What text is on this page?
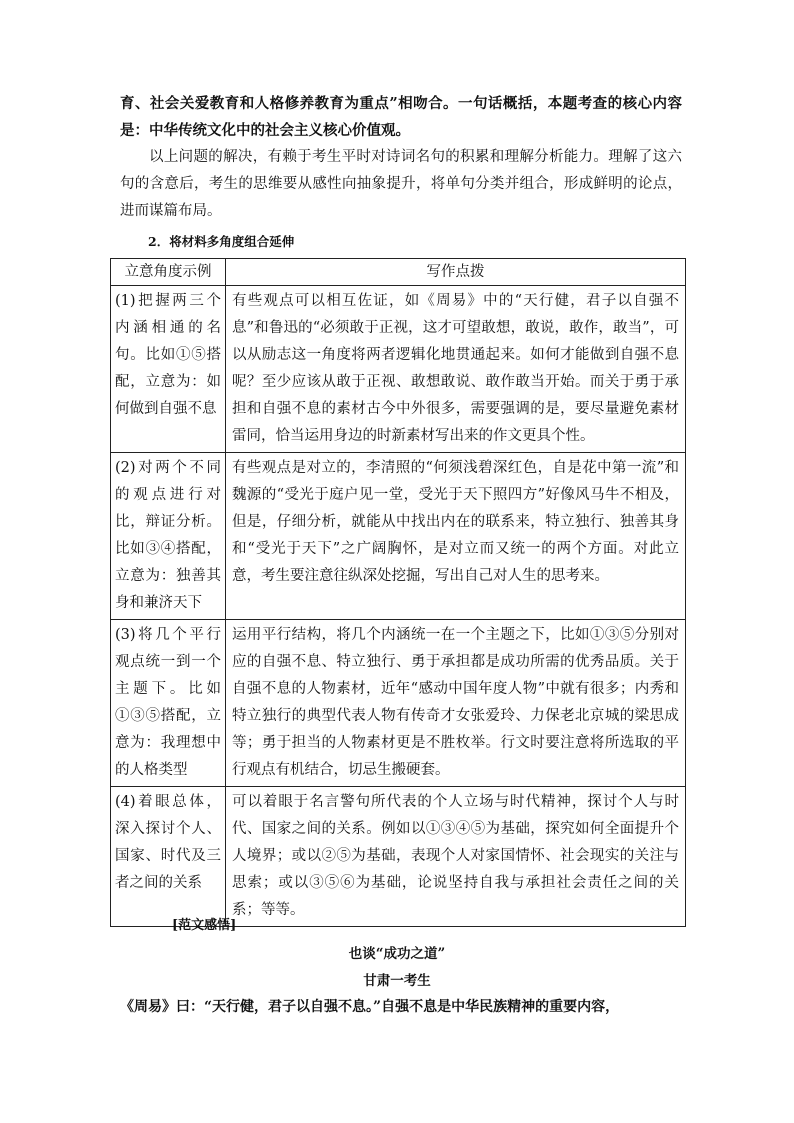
育、社会关爱教育和人格修养教育为重点”相吻合。一句话概括，本题考查的核心内容是：中华传统文化中的社会主义核心价值观。

以上问题的解决，有赖于考生平时对诗词名句的积累和理解分析能力。理解了这六句的含意后，考生的思维要从感性向抽象提升，将单句分类并组合，形成鲜明的论点，进而谋篇布局。

2．将材料多角度组合延伸

立意角度示例	写作点拨
(1)把握两三个内涵相通的名句。比如①⑤搭配，立意为：如何做到自强不息	有些观点可以相互佐证，如《周易》中的“天行健，君子以自强不息”和鲁迅的“必须敢于正视，这才可望敢想，敢说，敢作，敢当”，可以从励志这一角度将两者逻辑化地贯通起来。如何才能做到自强不息呢？至少应该从敢于正视、敢想敢说、敢作敢当开始。而关于勇于承担和自强不息的素材古今中外很多，需要强调的是，要尽量避免素材雷同，恰当运用身边的时新素材写出来的作文更具个性。
(2)对两个不同的观点进行对比，辩证分析。比如③④搭配，立意为：独善其身和兼济天下	有些观点是对立的，李清照的“何须浅碧深红色，自是花中第一流”和魏源的“受光于庭户见一堂，受光于天下照四方”好像风马牛不相及，但是，仔细分析，就能从中找出内在的联系来，特立独行、独善其身和“受光于天下”之广阔胸怀，是对立而又统一的两个方面。对此立意，考生要注意往纵深处挖掘，写出自己对人生的思考来。
(3)将几个平行观点统一到一个主题下。比如①③⑤搭配，立意为：我理想中的人格类型	运用平行结构，将几个内涵统一在一个主题之下，比如①③⑤分别对应的自强不息、特立独行、勇于承担都是成功所需的优秀品质。关于自强不息的人物素材，近年“感动中国年度人物”中就有很多；内秀和特立独行的典型代表人物有传奇才女张爱玲、力保老北京城的梁思成等；勇于担当的人物素材更是不胜枚举。行文时要注意将所选取的平行观点有机结合，切忌生搬硬套。
(4)着眼总体，深入探讨个人、国家、时代及三者之间的关系	可以着眼于名言警句所代表的个人立场与时代精神，探讨个人与时代、国家之间的关系。例如以①③④⑤为基础，探究如何全面提升个人境界；或以②⑤为基础，表现个人对家国情怀、社会现实的关注与思索；或以③⑤⑥为基础，论说坚持自我与承担社会责任之间的关系；等等。

[范文感悟]

也谈“成功之道”

甘肃一考生

《周易》曰：“天行健，君子以自强不息。”自强不息是中华民族精神的重要内容，
